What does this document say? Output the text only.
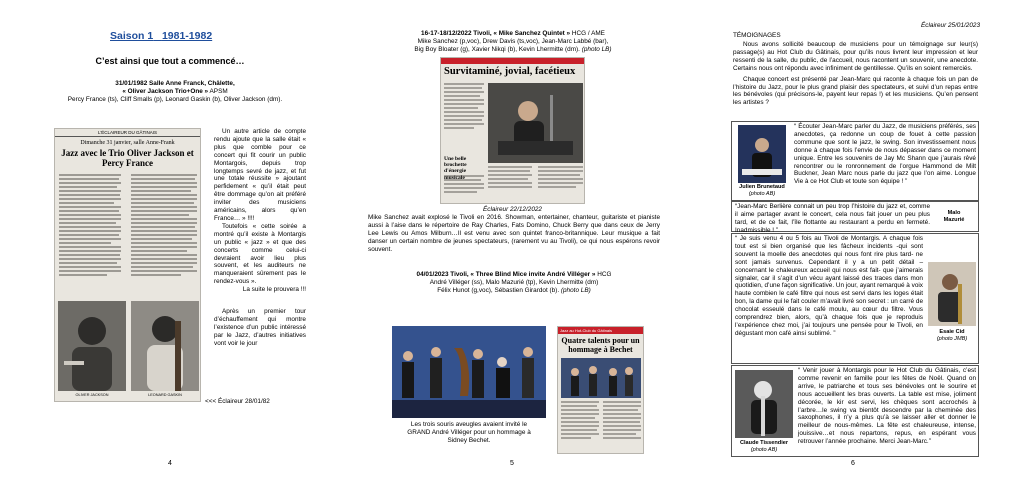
Saison 1 1981-1982
C’est ainsi que tout a commencé…
31/01/1982 Salle Anne Franck, Châlette,
« Oliver Jackson Trio+One » APSM
Percy France (ts), Cliff Smalls (p), Leonard Gaskin (b), Oliver Jackson (dm).
L'ÉCLAIREUR DU GÂTINAIS
Dimanche 31 janvier, salle Anne-Frank
Jazz avec le Trio Oliver Jackson et Percy France
OLIVER JACKSON	LEONARD GASKIN
Un autre article de compte rendu ajoute que la salle était « plus que comble pour ce concert qui fit courir un public Montargois, depuis trop longtemps sevré de jazz, et fut une totale réussite » ajoutant perfidement « qu’il était peut être dommage qu’on ait préféré inviter des musiciens américains, alors qu’en France… » !!!!
Toutefois « cette soirée a montré qu’il existe à Montargis un public « jazz » et que des concerts comme celui-ci devraient avoir lieu plus souvent, et les auditeurs ne manqueraient sûrement pas le rendez-vous ».
La suite le prouvera !!!
Après un premier tour d’échauffement qui montre l’existence d’un public intéressé par le Jazz, d’autres initiatives vont voir le jour
<<< Éclaireur 28/01/82
4
16-17-18/12/2022 Tivoli, « Mike Sanchez Quintet » HCG / AME
Mike Sanchez (p,voc), Drew Davis (ts,voc), Jean-Marc Labbé (bar),
Big Boy Bloater (g), Xavier Nikqi (b), Kevin Lhermitte (dm). (photo LB)
Survitaminé, jovial, facétieux
Une belle brochette d'énergie musicale
Éclaireur 22/12/2022
Mike Sanchez avait explosé le Tivoli en 2016. Showman, entertainer, chanteur, guitariste et pianiste aussi à l’aise dans le répertoire de Ray Charles, Fats Domino, Chuck Berry que dans ceux de Jerry Lee Lewis ou Amos Milburn…Il est venu avec son quintet franco-britannique. Leur musique a fait danser un certain nombre de jeunes spectateurs, (rarement vu au Tivoli), ce qui nous espérons revoir souvent.
04/01/2023 Tivoli, « Three Blind Mice invite André Villéger » HCG
André Villéger (ss), Malo Mazurié (tp), Kevin Lhermitte (dm)
Félix Hunot (g,voc), Sébastien Girardot (b). (photo LB)
Les trois souris aveugles avaient invité le GRAND André Villéger pour un hommage à Sidney Bechet.
Jazz au Hot-Club du Gâtinais
Quatre talents pour un hommage à Bechet
5
Éclaireur 25/01/2023
TÉMOIGNAGES
Nous avons sollicité beaucoup de musiciens pour un témoignage sur leur(s) passage(s) au Hot Club du Gâtinais, pour qu’ils nous livrent leur impression et leur ressenti de la salle, du public, de l’accueil, nous racontent un souvenir, une anecdote. Certains nous ont répondu avec infiniment de gentillesse. Qu’ils en soient remerciés.
Chaque concert est présenté par Jean-Marc qui raconte à chaque fois un pan de l’histoire du Jazz, pour le plus grand plaisir des spectateurs, et suivi d’un repas entre les bénévoles (qui précisons-le, payent leur repas !) et les musiciens. Qu’en pensent les artistes ?
Julien Brunetaud
(photo AB)
“ Écouter Jean-Marc parler du Jazz, de musiciens préférés, ses anecdotes, ça redonne un coup de fouet à cette passion commune que sont le jazz, le swing. Son investissement nous donne à chaque fois l’envie de nous dépasser dans ce moment unique. Entre les souvenirs de Jay Mc Shann que j’aurais rêvé rencontrer ou le ronronnement de l’orgue Hammond de Milt Buckner, Jean Marc nous parle du jazz que l’on aime. Longue Vie à ce Hot Club et toute son équipe ! ”
“Jean-Marc Berlière connait un peu trop l’histoire du jazz et, comme il aime partager avant le concert, cela nous fait jouer un peu plus tard, et de ce fait, l’île flottante au restaurant a perdu en fermeté. Inadmissible ! ”
Malo
Mazurié
“ Je suis venu 4 ou 5 fois au Tivoli de Montargis. A chaque fois tout est si bien organisé que les fâcheux incidents -qui sont souvent la moelle des anecdotes qui nous font rire plus tard- ne sont jamais survenus. Cependant il y a un petit détail – concernant le chaleureux accueil qui nous est fait- que j’aimerais signaler, car il s’agit d’un vécu ayant laissé des traces dans mon quotidien, d’une façon significative. Un jour, ayant remarqué à voix haute combien le café filtre qui nous est servi dans les loges était bon, la dame qui le fait couler m’avait livré son secret : un carré de chocolat esseulé dans le café moulu, au cœur du filtre. Vous comprendrez bien, alors, qu’à chaque fois que je reproduis l’expérience chez moi, j’ai toujours une pensée pour le Tivoli, en dégustant mon café ainsi sublimé. ”	Esaie Cid
(photo JMB)
Claude Tissendier
(photo AB)
“ Venir jouer à Montargis pour le Hot Club du Gâtinais, c’est comme revenir en famille pour les fêtes de Noël. Quand on arrive, le patriarche et tous ses bénévoles ont le sourire et nous accueillent les bras ouverts. La table est mise, joliment décorée, le kir est servi, les chèques sont accrochés à l’arbre…le swing va bientôt descendre par la cheminée des saxophones, il n’y a plus qu’à se laisser aller et donner le meilleur de nous-mêmes. La fête est chaleureuse, intense, jouissive…et nous repartons, repus, en espérant vous retrouver l’année prochaine. Merci Jean-Marc.”
6
